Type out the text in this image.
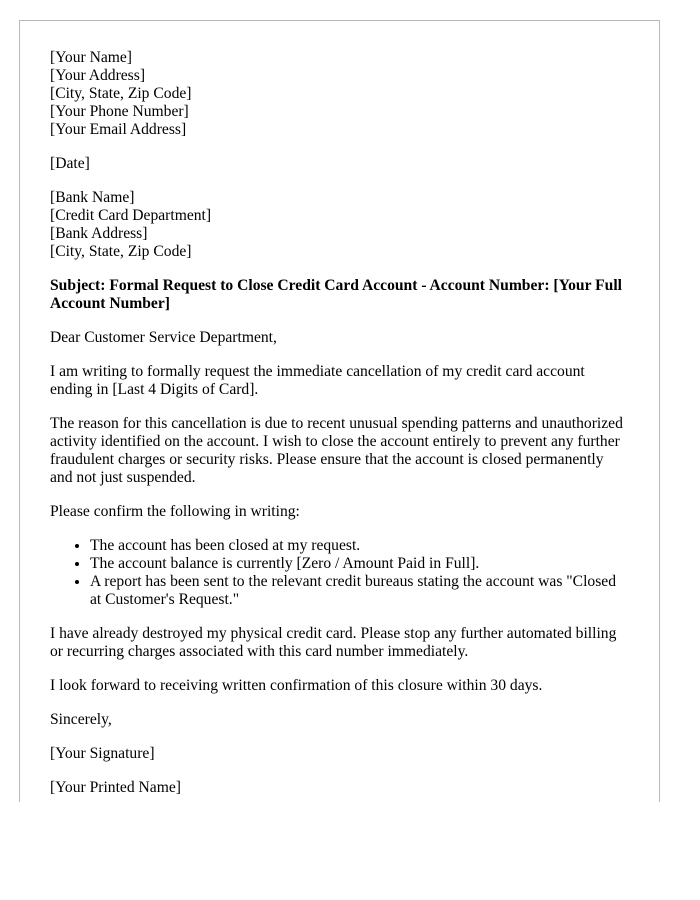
[Your Name]

[Your Address]

[City, State, Zip Code]

[Your Phone Number]

[Your Email Address]

[Date]

[Bank Name]

[Credit Card Department]

[Bank Address]

[City, State, Zip Code]

Subject: Formal Request to Close Credit Card Account - Account Number: [Your Full Account Number]

Dear Customer Service Department,

I am writing to formally request the immediate cancellation of my credit card account ending in [Last 4 Digits of Card].

The reason for this cancellation is due to recent unusual spending patterns and unauthorized activity identified on the account. I wish to close the account entirely to prevent any further fraudulent charges or security risks. Please ensure that the account is closed permanently and not just suspended.

Please confirm the following in writing:

• The account has been closed at my request.
• The account balance is currently [Zero / Amount Paid in Full].
• A report has been sent to the relevant credit bureaus stating the account was "Closed at Customer's Request."

I have already destroyed my physical credit card. Please stop any further automated billing or recurring charges associated with this card number immediately.

I look forward to receiving written confirmation of this closure within 30 days.

Sincerely,

[Your Signature]

[Your Printed Name]
